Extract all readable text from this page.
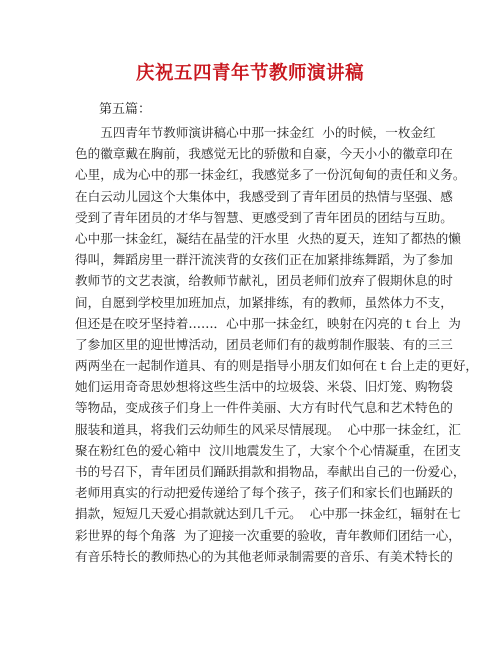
庆祝五四青年节教师演讲稿
第五篇：
　　五四青年节教师演讲稿心中那一抹金红  小的时候，一枚金红
色的徽章戴在胸前，我感觉无比的骄傲和自豪，今天小小的徽章印在
心里，成为心中的那一抹金红，我感觉多了一份沉甸甸的责任和义务。
在白云动儿园这个大集体中，我感受到了青年团员的热情与坚强、感
受到了青年团员的才华与智慧、更感受到了青年团员的团结与互助。
心中那一抹金红，凝结在晶莹的汗水里  火热的夏天，连知了都热的懒
得叫，舞蹈房里一群汗流浃背的女孩们正在加紧排练舞蹈，为了参加
教师节的文艺表演，给教师节献礼，团员老师们放弃了假期休息的时
间，自愿到学校里加班加点，加紧排练，有的教师，虽然体力不支，
但还是在咬牙坚持着……．心中那一抹金红，映射在闪亮的ｔ台上  为
了参加区里的迎世博活动，团员老师们有的裁剪制作服装、有的三三
两两坐在一起制作道具、有的则是指导小朋友们如何在ｔ台上走的更好，
她们运用奇奇思妙想将这些生活中的垃圾袋、米袋、旧灯笼、购物袋
等物品，变成孩子们身上一件件美丽、大方有时代气息和艺术特色的
服装和道具，将我们云幼师生的风采尽情展现。  心中那一抹金红，汇
聚在粉红色的爱心箱中  汶川地震发生了，大家个个心情凝重，在团支
书的号召下，青年团员们踊跃捐款和捐物品，奉献出自己的一份爱心，
老师用真实的行动把爱传递给了每个孩子，孩子们和家长们也踊跃的
捐款，短短几天爱心捐款就达到几千元。  心中那一抹金红，辐射在七
彩世界的每个角落  为了迎接一次重要的验收，青年教师们团结一心，
有音乐特长的教师热心的为其他老师录制需要的音乐、有美术特长的
